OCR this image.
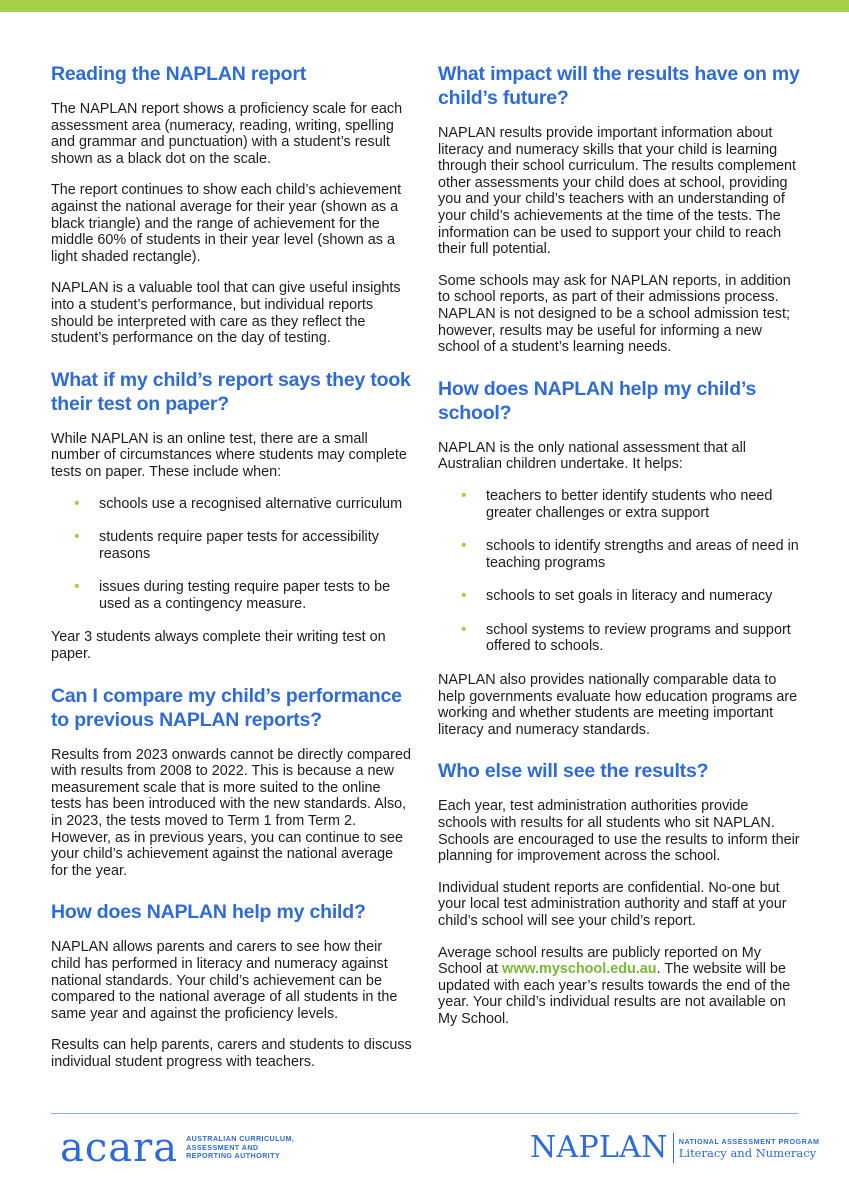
Reading the NAPLAN report

The NAPLAN report shows a proficiency scale for each assessment area (numeracy, reading, writing, spelling and grammar and punctuation) with a student’s result shown as a black dot on the scale.

The report continues to show each child’s achievement against the national average for their year (shown as a black triangle) and the range of achievement for the middle 60% of students in their year level (shown as a light shaded rectangle).

NAPLAN is a valuable tool that can give useful insights into a student’s performance, but individual reports should be interpreted with care as they reflect the student’s performance on the day of testing.

What if my child’s report says they took their test on paper?

While NAPLAN is an online test, there are a small number of circumstances where students may complete tests on paper. These include when:

• schools use a recognised alternative curriculum
• students require paper tests for accessibility reasons
• issues during testing require paper tests to be used as a contingency measure.

Year 3 students always complete their writing test on paper.

Can I compare my child’s performance to previous NAPLAN reports?

Results from 2023 onwards cannot be directly compared with results from 2008 to 2022. This is because a new measurement scale that is more suited to the online tests has been introduced with the new standards. Also, in 2023, the tests moved to Term 1 from Term 2. However, as in previous years, you can continue to see your child’s achievement against the national average for the year.

How does NAPLAN help my child?

NAPLAN allows parents and carers to see how their child has performed in literacy and numeracy against national standards. Your child’s achievement can be compared to the national average of all students in the same year and against the proficiency levels.

Results can help parents, carers and students to discuss individual student progress with teachers.

What impact will the results have on my child’s future?

NAPLAN results provide important information about literacy and numeracy skills that your child is learning through their school curriculum. The results complement other assessments your child does at school, providing you and your child’s teachers with an understanding of your child’s achievements at the time of the tests. The information can be used to support your child to reach their full potential.

Some schools may ask for NAPLAN reports, in addition to school reports, as part of their admissions process. NAPLAN is not designed to be a school admission test; however, results may be useful for informing a new school of a student’s learning needs.

How does NAPLAN help my child’s school?

NAPLAN is the only national assessment that all Australian children undertake. It helps:

• teachers to better identify students who need greater challenges or extra support
• schools to identify strengths and areas of need in teaching programs
• schools to set goals in literacy and numeracy
• school systems to review programs and support offered to schools.

NAPLAN also provides nationally comparable data to help governments evaluate how education programs are working and whether students are meeting important literacy and numeracy standards.

Who else will see the results?

Each year, test administration authorities provide schools with results for all students who sit NAPLAN. Schools are encouraged to use the results to inform their planning for improvement across the school.

Individual student reports are confidential. No-one but your local test administration authority and staff at your child’s school will see your child’s report.

Average school results are publicly reported on My School at www.myschool.edu.au. The website will be updated with each year’s results towards the end of the year. Your child’s individual results are not available on My School.

acara AUSTRALIAN CURRICULUM,
ASSESSMENT AND
REPORTING AUTHORITY	NAPLAN NATIONAL ASSESSMENT PROGRAM
Literacy and Numeracy
